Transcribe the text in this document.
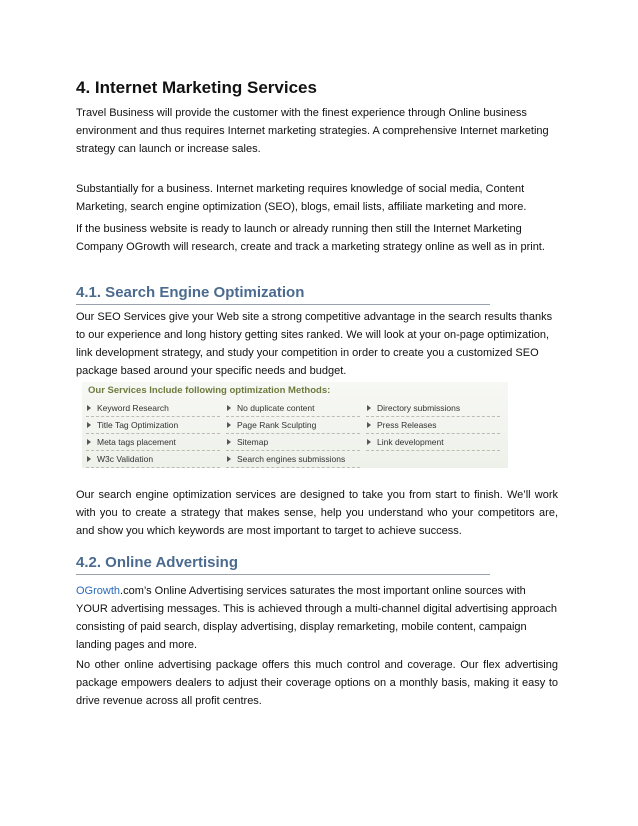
4. Internet Marketing Services
Travel Business will provide the customer with the finest experience through Online business environment and thus requires Internet marketing strategies. A comprehensive Internet marketing strategy can launch or increase sales.
Substantially for a business. Internet marketing requires knowledge of social media, Content Marketing, search engine optimization (SEO), blogs, email lists, affiliate marketing and more.
If the business website is ready to launch or already running then still the Internet Marketing Company OGrowth will research, create and track a marketing strategy online as well as in print.
4.1. Search Engine Optimization
Our SEO Services give your Web site a strong competitive advantage in the search results thanks to our experience and long history getting sites ranked. We will look at your on-page optimization, link development strategy, and study your competition in order to create you a customized SEO package based around your specific needs and budget.
Our search engine optimization services are designed to take you from start to finish. We’ll work with you to create a strategy that makes sense, help you understand who your competitors are, and show you which keywords are most important to target to achieve success.
4.2. Online Advertising
OGrowth.com’s Online Advertising services saturates the most important online sources with YOUR advertising messages. This is achieved through a multi-channel digital advertising approach consisting of paid search, display advertising, display remarketing, mobile content, campaign landing pages and more.
No other online advertising package offers this much control and coverage. Our flex advertising package empowers dealers to adjust their coverage options on a monthly basis, making it easy to drive revenue across all profit centres.
Our Services Include following optimization Methods:
Keyword Research
Title Tag Optimization
Meta tags placement
W3c Validation
No duplicate content
Page Rank Sculpting
Sitemap
Search engines submissions
Directory submissions
Press Releases
Link development
